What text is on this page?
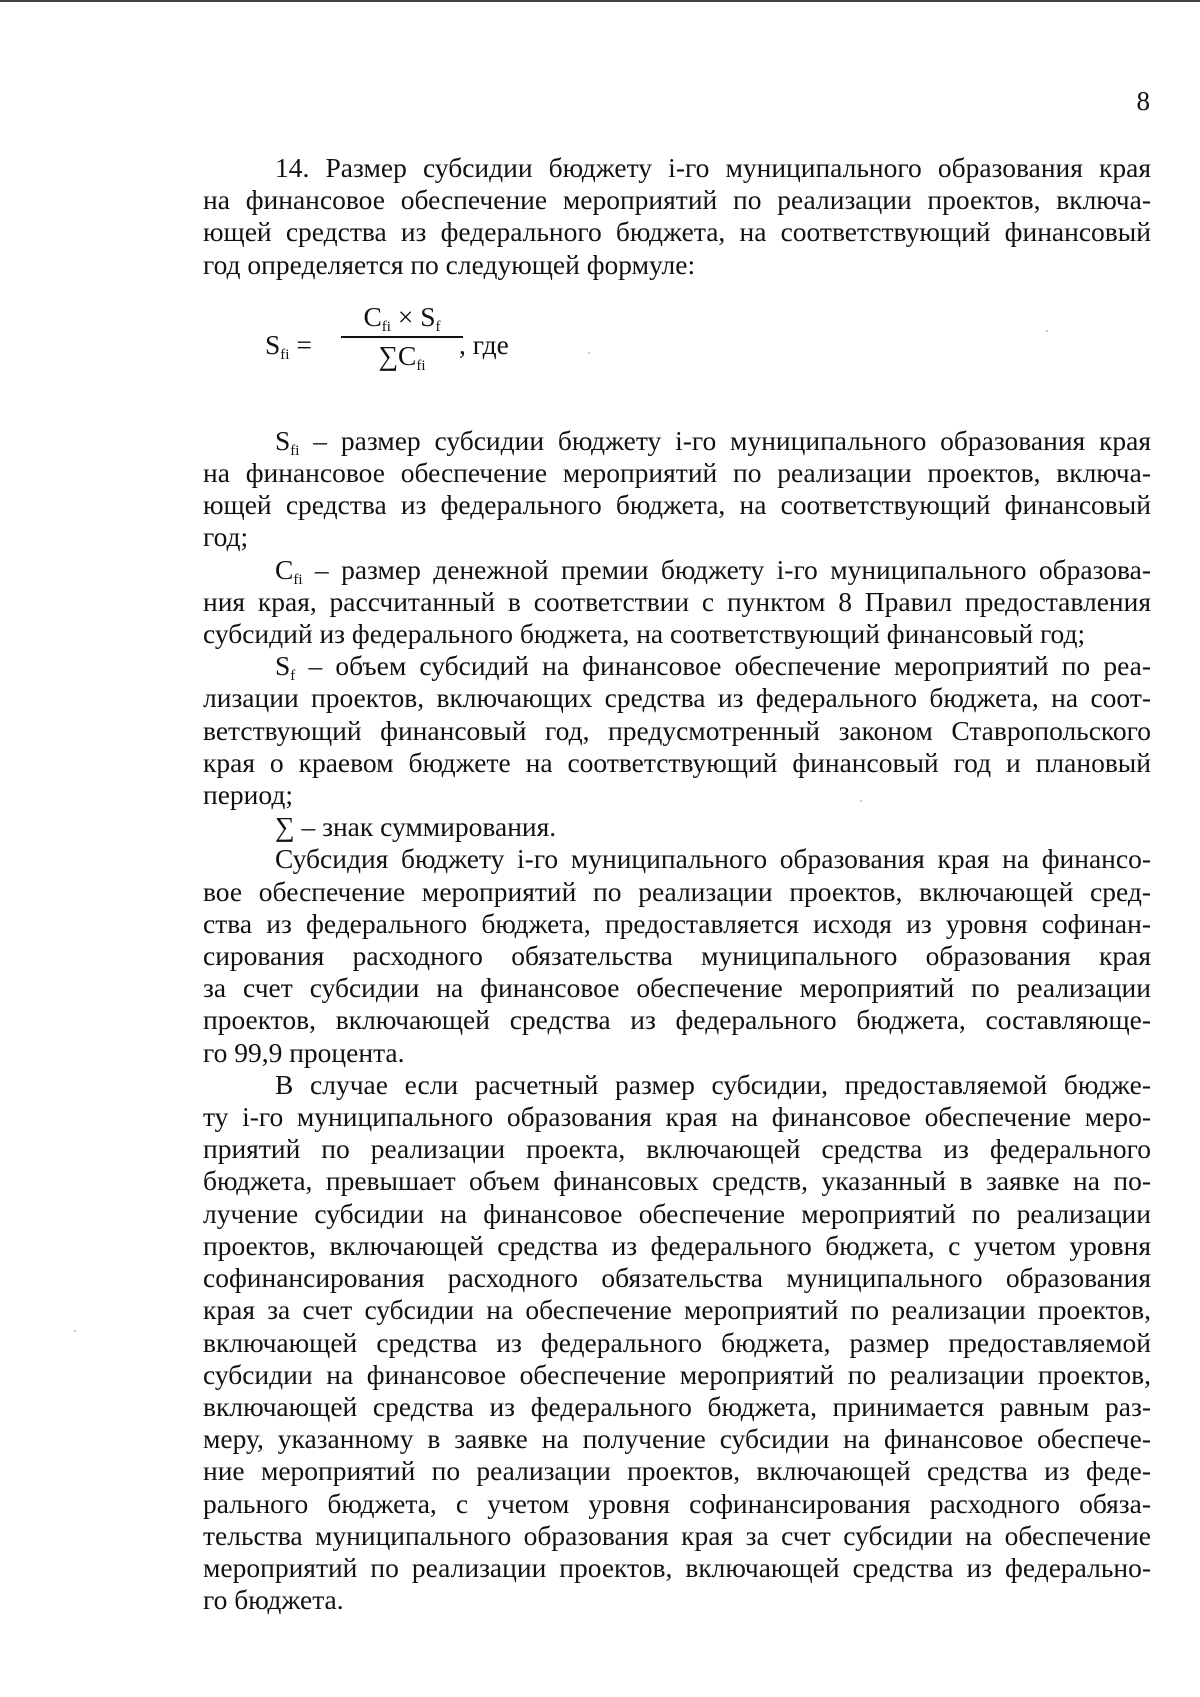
8
14. Размер субсидии бюджету i-го муниципального образования края
на финансовое обеспечение мероприятий по реализации проектов, включа-
ющей средства из федерального бюджета, на соответствующий финансовый
год определяется по следующей формуле:
$S_{fi}$ =
$C_{fi} \times S_f$
$\sum C_{fi}$
, где
$S_{fi}$ – размер субсидии бюджету i-го муниципального образования края
на финансовое обеспечение мероприятий по реализации проектов, включа-
ющей средства из федерального бюджета, на соответствующий финансовый
год;
$C_{fi}$ – размер денежной премии бюджету i-го муниципального образова-
ния края, рассчитанный в соответствии с пунктом 8 Правил предоставления
субсидий из федерального бюджета, на соответствующий финансовый год;
$S_f$ – объем субсидий на финансовое обеспечение мероприятий по реа-
лизации проектов, включающих средства из федерального бюджета, на соот-
ветствующий финансовый год, предусмотренный законом Ставропольского
края о краевом бюджете на соответствующий финансовый год и плановый
период;
∑ – знак суммирования.
Субсидия бюджету i-го муниципального образования края на финансо-
вое обеспечение мероприятий по реализации проектов, включающей сред-
ства из федерального бюджета, предоставляется исходя из уровня софинан-
сирования расходного обязательства муниципального образования края
за счет субсидии на финансовое обеспечение мероприятий по реализации
проектов, включающей средства из федерального бюджета, составляюще-
го 99,9 процента.
В случае если расчетный размер субсидии, предоставляемой бюдже-
ту i-го муниципального образования края на финансовое обеспечение меро-
приятий по реализации проекта, включающей средства из федерального
бюджета, превышает объем финансовых средств, указанный в заявке на по-
лучение субсидии на финансовое обеспечение мероприятий по реализации
проектов, включающей средства из федерального бюджета, с учетом уровня
софинансирования расходного обязательства муниципального образования
края за счет субсидии на обеспечение мероприятий по реализации проектов,
включающей средства из федерального бюджета, размер предоставляемой
субсидии на финансовое обеспечение мероприятий по реализации проектов,
включающей средства из федерального бюджета, принимается равным раз-
меру, указанному в заявке на получение субсидии на финансовое обеспече-
ние мероприятий по реализации проектов, включающей средства из феде-
рального бюджета, с учетом уровня софинансирования расходного обяза-
тельства муниципального образования края за счет субсидии на обеспечение
мероприятий по реализации проектов, включающей средства из федерально-
го бюджета.
